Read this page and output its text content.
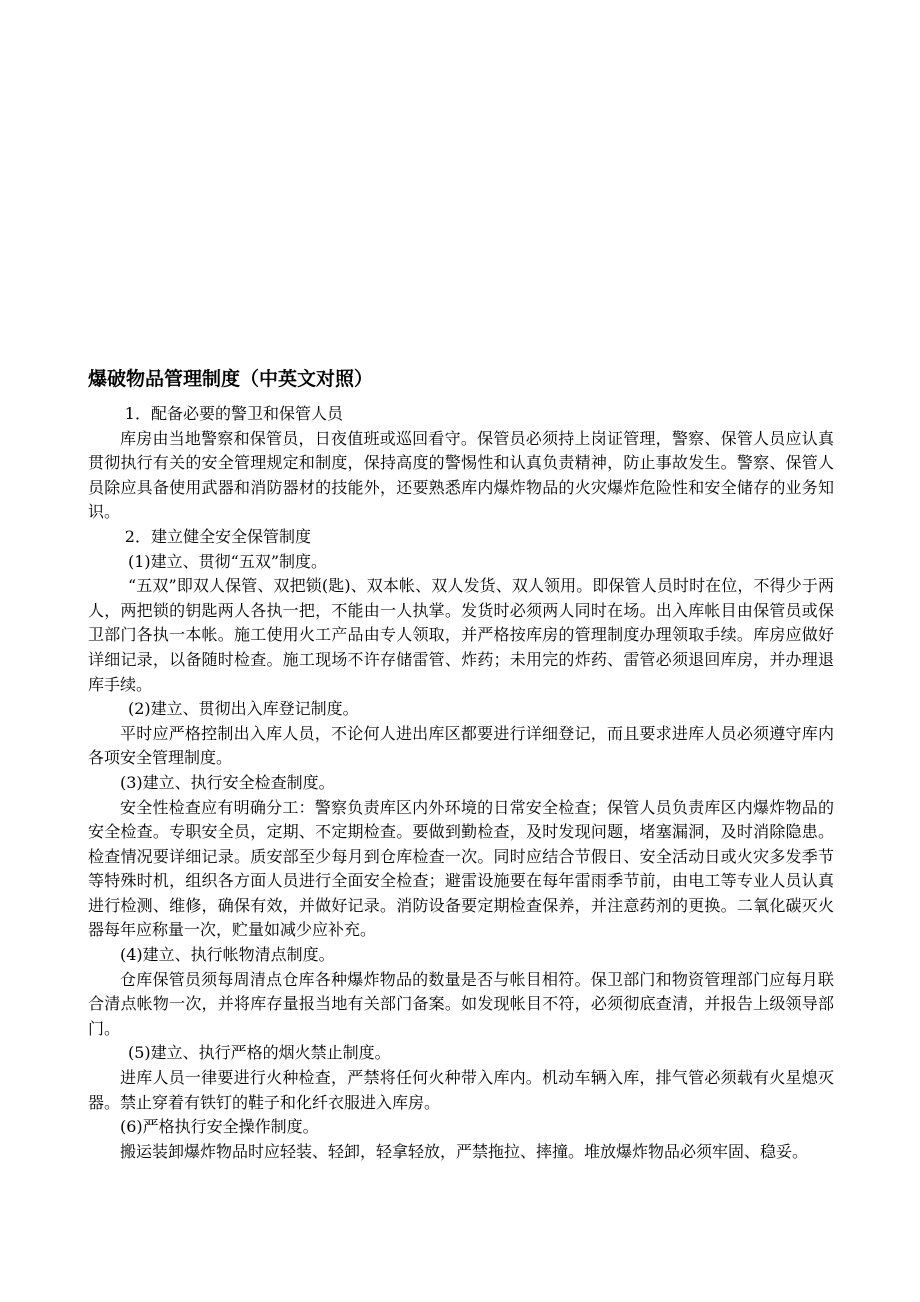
爆破物品管理制度（中英文对照）

1．配备必要的警卫和保管人员

库房由当地警察和保管员，日夜值班或巡回看守。保管员必须持上岗证管理，警察、保管人员应认真贯彻执行有关的安全管理规定和制度，保持高度的警惕性和认真负责精神，防止事故发生。警察、保管人员除应具备使用武器和消防器材的技能外，还要熟悉库内爆炸物品的火灾爆炸危险性和安全储存的业务知识。

2．建立健全安全保管制度

(1)建立、贯彻“五双”制度。

“五双”即双人保管、双把锁(匙)、双本帐、双人发货、双人领用。即保管人员时时在位，不得少于两人，两把锁的钥匙两人各执一把，不能由一人执掌。发货时必须两人同时在场。出入库帐目由保管员或保卫部门各执一本帐。施工使用火工产品由专人领取，并严格按库房的管理制度办理领取手续。库房应做好详细记录，以备随时检查。施工现场不许存储雷管、炸药；未用完的炸药、雷管必须退回库房，并办理退库手续。

(2)建立、贯彻出入库登记制度。

平时应严格控制出入库人员，不论何人进出库区都要进行详细登记，而且要求进库人员必须遵守库内各项安全管理制度。

(3)建立、执行安全检查制度。

安全性检查应有明确分工：警察负责库区内外环境的日常安全检查；保管人员负责库区内爆炸物品的安全检查。专职安全员，定期、不定期检查。要做到勤检查，及时发现问题，堵塞漏洞，及时消除隐患。检查情况要详细记录。质安部至少每月到仓库检查一次。同时应结合节假日、安全活动日或火灾多发季节等特殊时机，组织各方面人员进行全面安全检查；避雷设施要在每年雷雨季节前，由电工等专业人员认真进行检测、维修，确保有效，并做好记录。消防设备要定期检查保养，并注意药剂的更换。二氧化碳灭火器每年应称量一次，贮量如减少应补充。

(4)建立、执行帐物清点制度。

仓库保管员须每周清点仓库各种爆炸物品的数量是否与帐目相符。保卫部门和物资管理部门应每月联合清点帐物一次，并将库存量报当地有关部门备案。如发现帐目不符，必须彻底查清，并报告上级领导部门。

(5)建立、执行严格的烟火禁止制度。

进库人员一律要进行火种检查，严禁将任何火种带入库内。机动车辆入库，排气管必须载有火星熄灭器。禁止穿着有铁钉的鞋子和化纤衣服进入库房。

(6)严格执行安全操作制度。

搬运装卸爆炸物品时应轻装、轻卸，轻拿轻放，严禁拖拉、摔撞。堆放爆炸物品必须牢固、稳妥。
